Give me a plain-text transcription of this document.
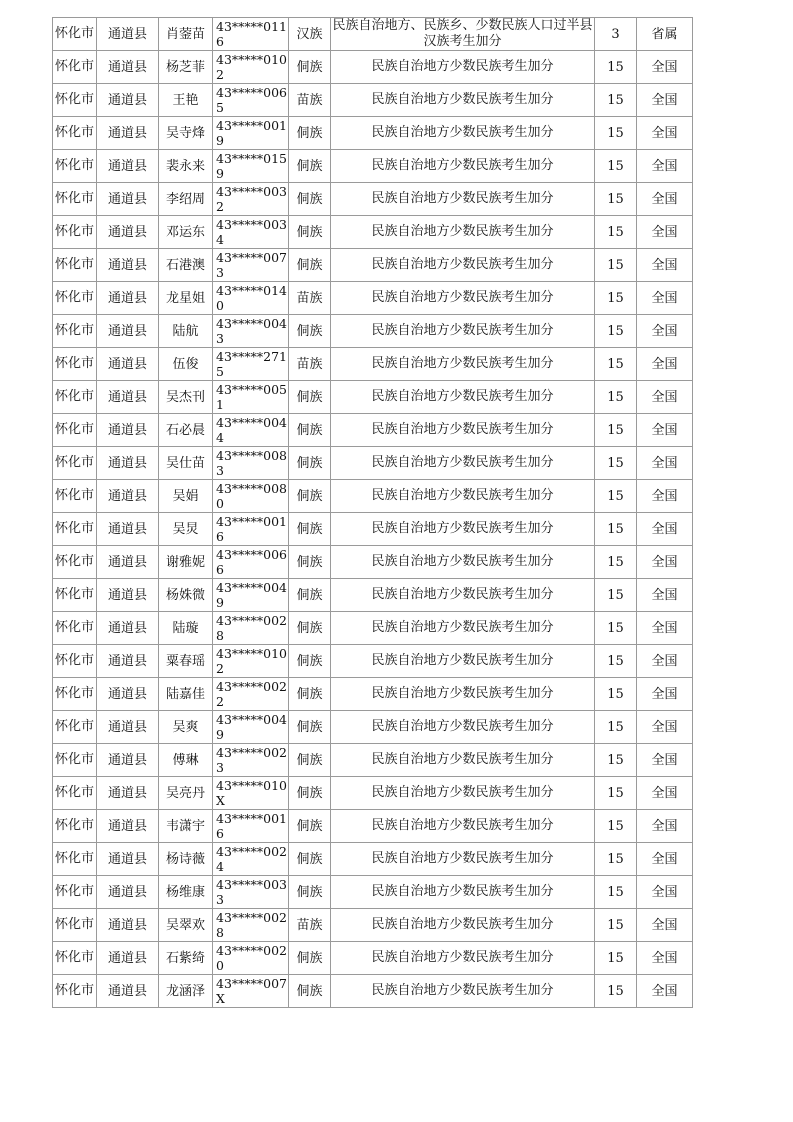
怀化市	通道县	肖蓥苗	43*****0116	汉族	民族自治地方、民族乡、少数民族人口过半县汉族考生加分	3	省属
怀化市	通道县	杨芝菲	43*****0102	侗族	民族自治地方少数民族考生加分	15	全国
怀化市	通道县	王艳	43*****0065	苗族	民族自治地方少数民族考生加分	15	全国
怀化市	通道县	吴寺烽	43*****0019	侗族	民族自治地方少数民族考生加分	15	全国
怀化市	通道县	裴永来	43*****0159	侗族	民族自治地方少数民族考生加分	15	全国
怀化市	通道县	李绍周	43*****0032	侗族	民族自治地方少数民族考生加分	15	全国
怀化市	通道县	邓运东	43*****0034	侗族	民族自治地方少数民族考生加分	15	全国
怀化市	通道县	石港澳	43*****0073	侗族	民族自治地方少数民族考生加分	15	全国
怀化市	通道县	龙星姐	43*****0140	苗族	民族自治地方少数民族考生加分	15	全国
怀化市	通道县	陆航	43*****0043	侗族	民族自治地方少数民族考生加分	15	全国
怀化市	通道县	伍俊	43*****2715	苗族	民族自治地方少数民族考生加分	15	全国
怀化市	通道县	吴杰刊	43*****0051	侗族	民族自治地方少数民族考生加分	15	全国
怀化市	通道县	石必晨	43*****0044	侗族	民族自治地方少数民族考生加分	15	全国
怀化市	通道县	吴仕苗	43*****0083	侗族	民族自治地方少数民族考生加分	15	全国
怀化市	通道县	吴娟	43*****0080	侗族	民族自治地方少数民族考生加分	15	全国
怀化市	通道县	吴炅	43*****0016	侗族	民族自治地方少数民族考生加分	15	全国
怀化市	通道县	谢雅妮	43*****0066	侗族	民族自治地方少数民族考生加分	15	全国
怀化市	通道县	杨姝微	43*****0049	侗族	民族自治地方少数民族考生加分	15	全国
怀化市	通道县	陆璇	43*****0028	侗族	民族自治地方少数民族考生加分	15	全国
怀化市	通道县	粟春瑶	43*****0102	侗族	民族自治地方少数民族考生加分	15	全国
怀化市	通道县	陆嘉佳	43*****0022	侗族	民族自治地方少数民族考生加分	15	全国
怀化市	通道县	吴爽	43*****0049	侗族	民族自治地方少数民族考生加分	15	全国
怀化市	通道县	傅琳	43*****0023	侗族	民族自治地方少数民族考生加分	15	全国
怀化市	通道县	吴亮丹	43*****010X	侗族	民族自治地方少数民族考生加分	15	全国
怀化市	通道县	韦潇宇	43*****0016	侗族	民族自治地方少数民族考生加分	15	全国
怀化市	通道县	杨诗薇	43*****0024	侗族	民族自治地方少数民族考生加分	15	全国
怀化市	通道县	杨维康	43*****0033	侗族	民族自治地方少数民族考生加分	15	全国
怀化市	通道县	吴翠欢	43*****0028	苗族	民族自治地方少数民族考生加分	15	全国
怀化市	通道县	石紫绮	43*****0020	侗族	民族自治地方少数民族考生加分	15	全国
怀化市	通道县	龙涵泽	43*****007X	侗族	民族自治地方少数民族考生加分	15	全国
